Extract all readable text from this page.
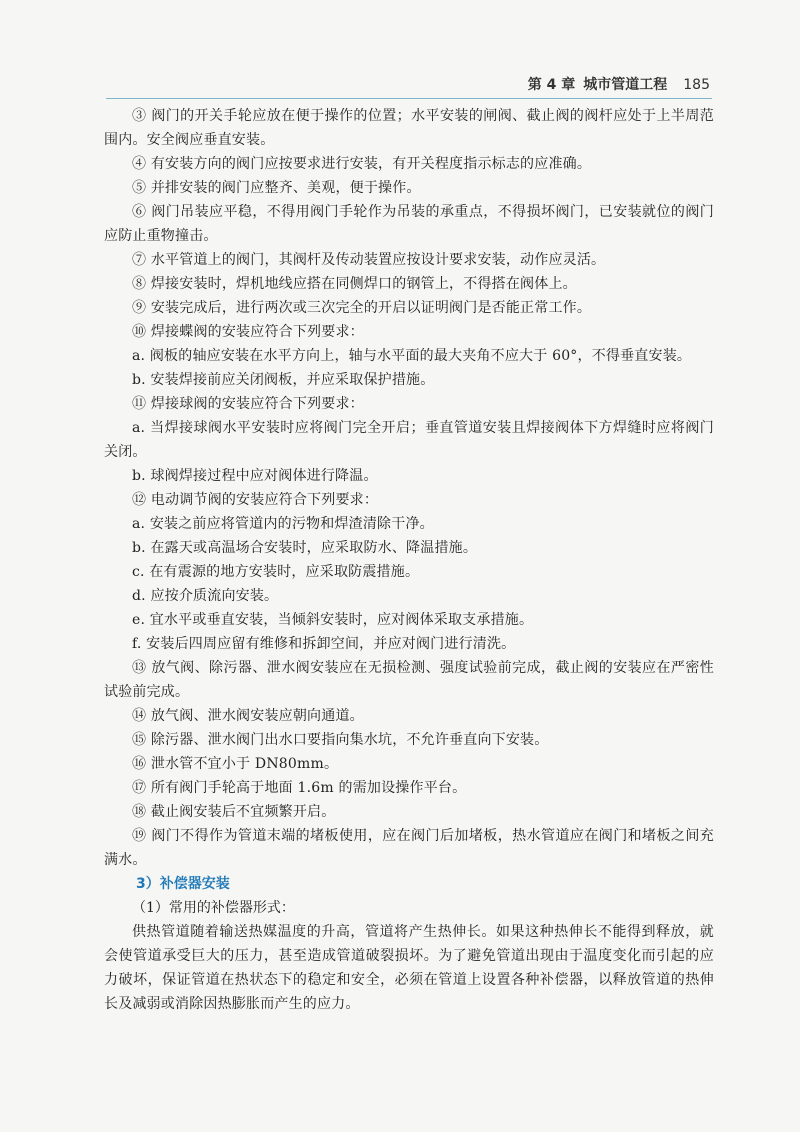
第 4 章 城市管道工程 185

③ 阀门的开关手轮应放在便于操作的位置；水平安装的闸阀、截止阀的阀杆应处于上半周范围内。安全阀应垂直安装。

④ 有安装方向的阀门应按要求进行安装，有开关程度指示标志的应准确。

⑤ 并排安装的阀门应整齐、美观，便于操作。

⑥ 阀门吊装应平稳，不得用阀门手轮作为吊装的承重点，不得损坏阀门，已安装就位的阀门应防止重物撞击。

⑦ 水平管道上的阀门，其阀杆及传动装置应按设计要求安装，动作应灵活。

⑧ 焊接安装时，焊机地线应搭在同侧焊口的钢管上，不得搭在阀体上。

⑨ 安装完成后，进行两次或三次完全的开启以证明阀门是否能正常工作。

⑩ 焊接蝶阀的安装应符合下列要求：

a. 阀板的轴应安装在水平方向上，轴与水平面的最大夹角不应大于 60°，不得垂直安装。

b. 安装焊接前应关闭阀板，并应采取保护措施。

⑪ 焊接球阀的安装应符合下列要求：

a. 当焊接球阀水平安装时应将阀门完全开启；垂直管道安装且焊接阀体下方焊缝时应将阀门关闭。

b. 球阀焊接过程中应对阀体进行降温。

⑫ 电动调节阀的安装应符合下列要求：

a. 安装之前应将管道内的污物和焊渣清除干净。

b. 在露天或高温场合安装时，应采取防水、降温措施。

c. 在有震源的地方安装时，应采取防震措施。

d. 应按介质流向安装。

e. 宜水平或垂直安装，当倾斜安装时，应对阀体采取支承措施。

f. 安装后四周应留有维修和拆卸空间，并应对阀门进行清洗。

⑬ 放气阀、除污器、泄水阀安装应在无损检测、强度试验前完成，截止阀的安装应在严密性试验前完成。

⑭ 放气阀、泄水阀安装应朝向通道。

⑮ 除污器、泄水阀门出水口要指向集水坑，不允许垂直向下安装。

⑯ 泄水管不宜小于 DN80mm。

⑰ 所有阀门手轮高于地面 1.6m 的需加设操作平台。

⑱ 截止阀安装后不宜频繁开启。

⑲ 阀门不得作为管道末端的堵板使用，应在阀门后加堵板，热水管道应在阀门和堵板之间充满水。

3）补偿器安装

（1）常用的补偿器形式：

供热管道随着输送热媒温度的升高，管道将产生热伸长。如果这种热伸长不能得到释放，就会使管道承受巨大的压力，甚至造成管道破裂损坏。为了避免管道出现由于温度变化而引起的应力破坏，保证管道在热状态下的稳定和安全，必须在管道上设置各种补偿器，以释放管道的热伸长及减弱或消除因热膨胀而产生的应力。
